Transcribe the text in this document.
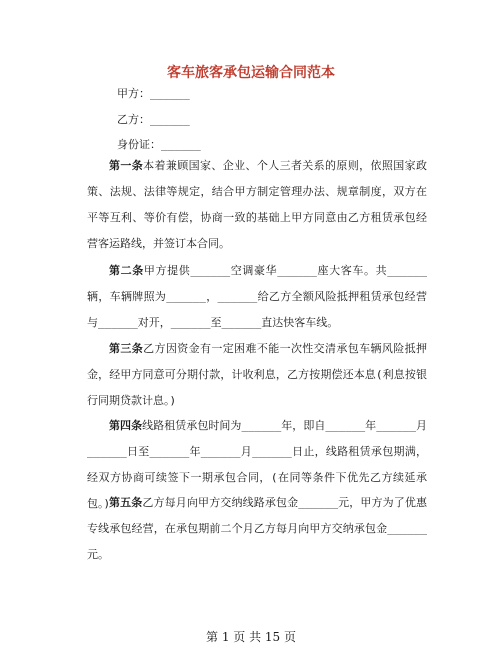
客车旅客承包运输合同范本
甲方：______
乙方：______
身份证：______
第一条本着兼顾国家、企业、个人三者关系的原则，依照国家政策、法规、法律等规定，结合甲方制定管理办法、规章制度，双方在平等互利、等价有偿，协商一致的基础上甲方同意由乙方租赁承包经营客运路线，并签订本合同。
第二条甲方提供______空调豪华______座大客车。共______辆，车辆牌照为______，______给乙方全额风险抵押租赁承包经营与______对开，______至______直达快客车线。
第三条乙方因资金有一定困难不能一次性交清承包车辆风险抵押金，经甲方同意可分期付款，计收利息，乙方按期偿还本息(利息按银行同期贷款计息。)
第四条线路租赁承包时间为______年，即自______年______月______日至______年______月______日止，线路租赁承包期满，经双方协商可续签下一期承包合同，(在同等条件下优先乙方续延承包。)
第五条乙方每月向甲方交纳线路承包金______元，甲方为了优惠专线承包经营，在承包期前二个月乙方每月向甲方交纳承包金______元。
第 1 页 共 15 页
